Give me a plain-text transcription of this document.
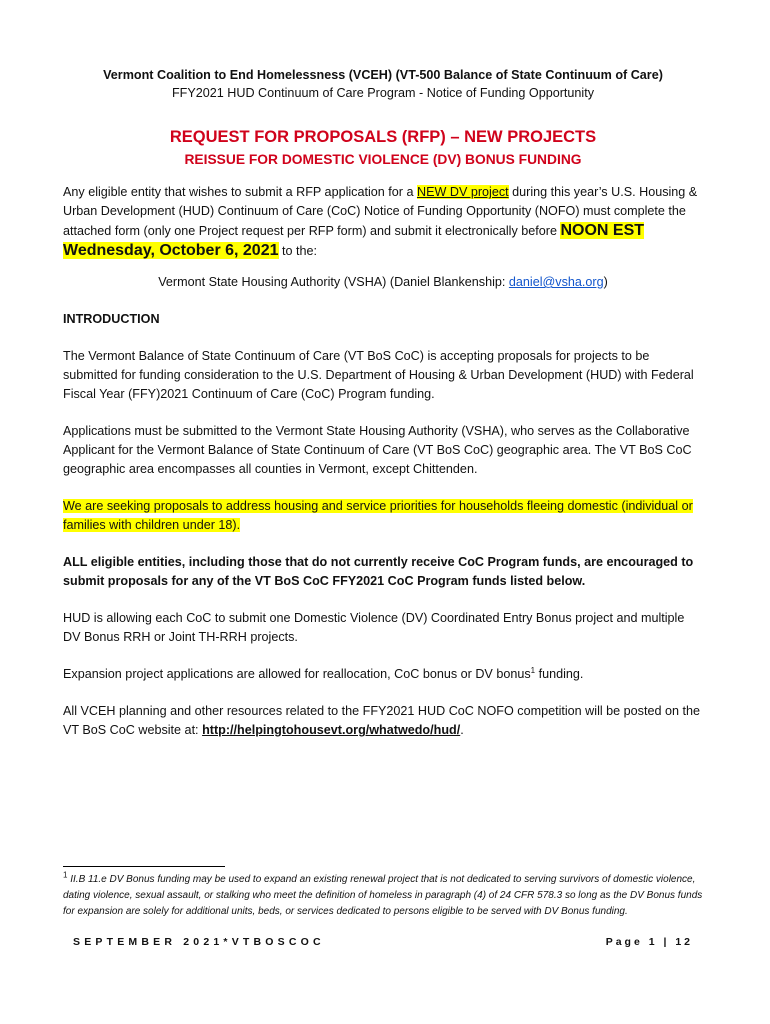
Vermont Coalition to End Homelessness (VCEH) (VT-500 Balance of State Continuum of Care)
FFY2021 HUD Continuum of Care Program - Notice of Funding Opportunity
REQUEST FOR PROPOSALS (RFP) – NEW PROJECTS
REISSUE FOR DOMESTIC VIOLENCE (DV) BONUS FUNDING

Any eligible entity that wishes to submit a RFP application for a NEW DV project during this year’s U.S. Housing & Urban Development (HUD) Continuum of Care (CoC) Notice of Funding Opportunity (NOFO) must complete the attached form (only one Project request per RFP form) and submit it electronically before NOON EST Wednesday, October 6, 2021 to the:

Vermont State Housing Authority (VSHA) (Daniel Blankenship: daniel@vsha.org)

INTRODUCTION

The Vermont Balance of State Continuum of Care (VT BoS CoC) is accepting proposals for projects to be submitted for funding consideration to the U.S. Department of Housing & Urban Development (HUD) with Federal Fiscal Year (FFY)2021 Continuum of Care (CoC) Program funding.

Applications must be submitted to the Vermont State Housing Authority (VSHA), who serves as the Collaborative Applicant for the Vermont Balance of State Continuum of Care (VT BoS CoC) geographic area. The VT BoS CoC geographic area encompasses all counties in Vermont, except Chittenden.

We are seeking proposals to address housing and service priorities for households fleeing domestic (individual or families with children under 18).

ALL eligible entities, including those that do not currently receive CoC Program funds, are encouraged to submit proposals for any of the VT BoS CoC FFY2021 CoC Program funds listed below.

HUD is allowing each CoC to submit one Domestic Violence (DV) Coordinated Entry Bonus project and multiple DV Bonus RRH or Joint TH-RRH projects.

Expansion project applications are allowed for reallocation, CoC bonus or DV bonus$^1$ funding.

All VCEH planning and other resources related to the FFY2021 HUD CoC NOFO competition will be posted on the VT BoS CoC website at: http://helpingtohousevt.org/whatwedo/hud/.

$^1$ II.B 11.e DV Bonus funding may be used to expand an existing renewal project that is not dedicated to serving survivors of domestic violence, dating violence, sexual assault, or stalking who meet the definition of homeless in paragraph (4) of 24 CFR 578.3 so long as the DV Bonus funds for expansion are solely for additional units, beds, or services dedicated to persons eligible to be served with DV Bonus funding.
SEPTEMBER 2021*VTBOSCOC	Page 1 | 12
